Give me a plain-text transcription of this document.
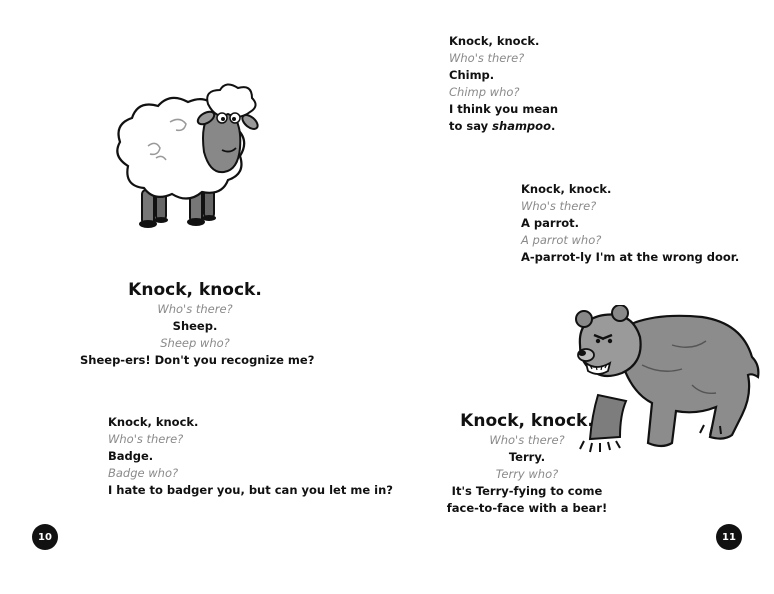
Knock, knock.
Who's there?
Sheep.
Sheep who?
Sheep-ers! Don't you recognize me?
Knock, knock.
Who's there?
Badge.
Badge who?
I hate to badger you, but can you let me in?
10
Knock, knock.
Who's there?
Chimp.
Chimp who?
I think you mean
to say shampoo.
Knock, knock.
Who's there?
A parrot.
A parrot who?
A-parrot-ly I'm at the wrong door.
Knock, knock.
Who's there?
Terry.
Terry who?
It's Terry-fying to come
face-to-face with a bear!
11
